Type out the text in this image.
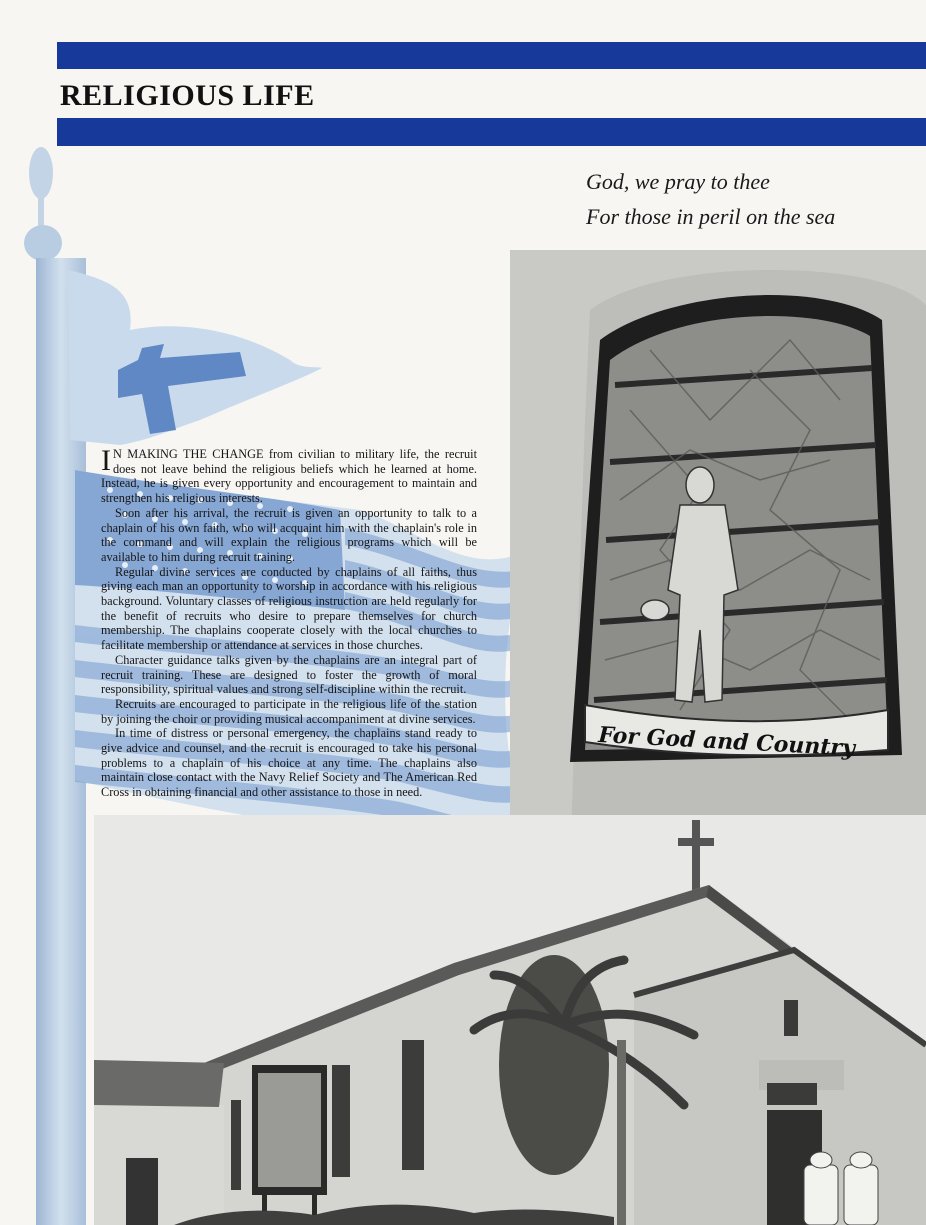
RELIGIOUS LIFE
God, we pray to thee
For those in peril on the sea
For God and Country

I N MAKING THE CHANGE from civilian to military life, the recruit does not leave behind the religious beliefs which he learned at home. Instead, he is given every opportunity and encouragement to maintain and strengthen his religious interests.

Soon after his arrival, the recruit is given an opportunity to talk to a chaplain of his own faith, who will acquaint him with the chaplain's role in the command and will explain the religious programs which will be available to him during recruit training.

Regular divine services are conducted by chaplains of all faiths, thus giving each man an opportunity to worship in accordance with his religious background. Voluntary classes of religious instruction are held regularly for the benefit of recruits who desire to prepare themselves for church membership. The chaplains cooperate closely with the local churches to facilitate membership or attendance at services in those churches.

Character guidance talks given by the chaplains are an integral part of recruit training. These are designed to foster the growth of moral responsibility, spiritual values and strong self-discipline within the recruit.

Recruits are encouraged to participate in the religious life of the station by joining the choir or providing musical accompaniment at divine services.

In time of distress or personal emergency, the chaplains stand ready to give advice and counsel, and the recruit is encouraged to take his personal problems to a chaplain of his choice at any time. The chaplains also maintain close contact with the Navy Relief Society and The American Red Cross in obtaining financial and other assistance to those in need.
